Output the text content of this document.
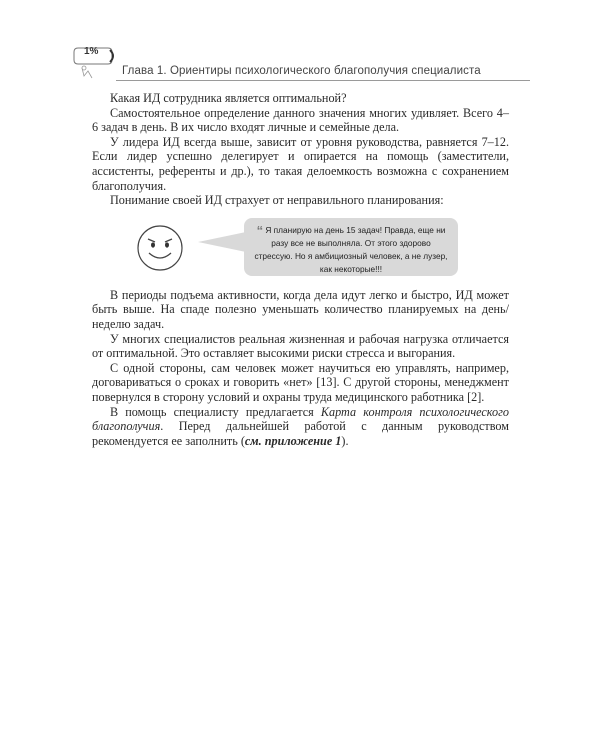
1%
Глава 1. Ориентиры психологического благополучия специалиста

Какая ИД сотрудника является оптимальной?

Самостоятельное определение данного значения многих удивляет. Всего 4–6 задач в день. В их число входят личные и семейные дела.

У лидера ИД всегда выше, зависит от уровня руководства, равняется 7–12. Если лидер успешно делегирует и опирается на помощь (заместители, ассистенты, референты и др.), то такая делоемкость возможна с сохранением благополучия.

Понимание своей ИД страхует от неправильного планирования:

“ Я планирую на день 15 задач! Правда, еще ни разу все не выполняла. От этого здорово стрессую. Но я амбициозный человек, а не лузер, как некоторые!!!

В периоды подъема активности, когда дела идут легко и быстро, ИД может быть выше. На спаде полезно уменьшать количество планируемых на день/неделю задач.

У многих специалистов реальная жизненная и рабочая нагрузка отличается от оптимальной. Это оставляет высокими риски стресса и выгорания.

С одной стороны, сам человек может научиться ею управлять, например, договариваться о сроках и говорить «нет» [13]. С другой стороны, менеджмент повернулся в сторону условий и охраны труда медицинского работника [2].

В помощь специалисту предлагается Карта контроля психологического благополучия. Перед дальнейшей работой с данным руководством рекомендуется ее заполнить (см. приложение 1).
